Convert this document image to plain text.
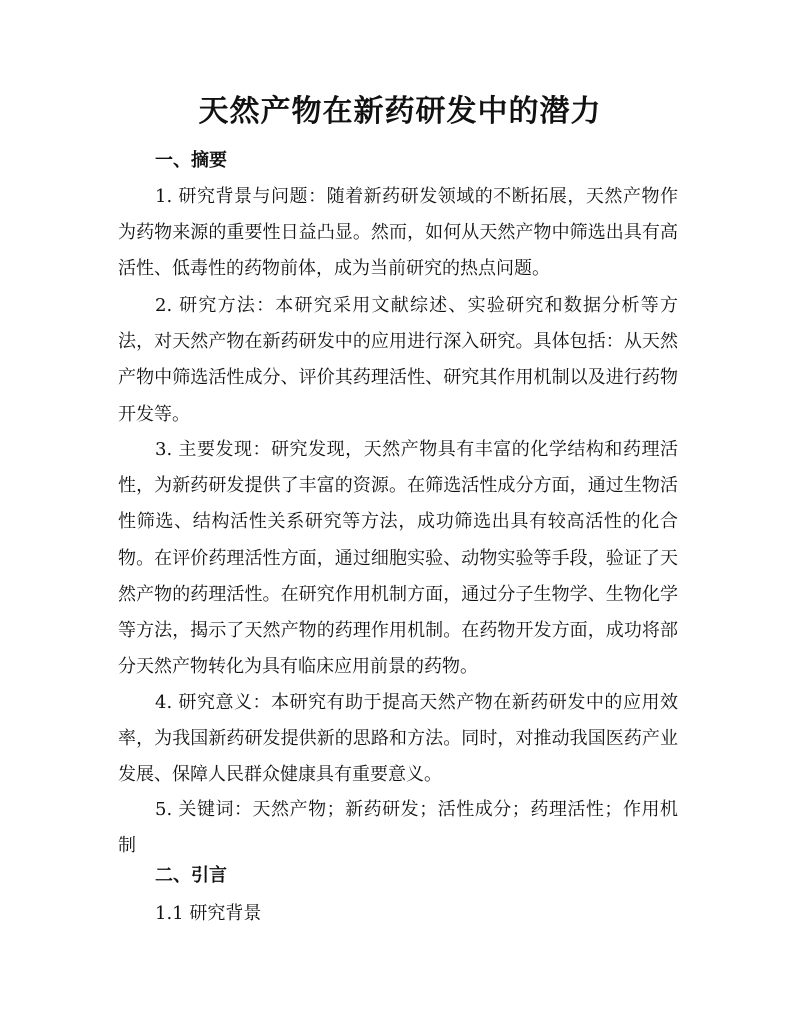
天然产物在新药研发中的潜力
一、摘要

1. 研究背景与问题：随着新药研发领域的不断拓展，天然产物作为药物来源的重要性日益凸显。然而，如何从天然产物中筛选出具有高活性、低毒性的药物前体，成为当前研究的热点问题。

2. 研究方法：本研究采用文献综述、实验研究和数据分析等方法，对天然产物在新药研发中的应用进行深入研究。具体包括：从天然产物中筛选活性成分、评价其药理活性、研究其作用机制以及进行药物开发等。

3. 主要发现：研究发现，天然产物具有丰富的化学结构和药理活性，为新药研发提供了丰富的资源。在筛选活性成分方面，通过生物活性筛选、结构活性关系研究等方法，成功筛选出具有较高活性的化合物。在评价药理活性方面，通过细胞实验、动物实验等手段，验证了天然产物的药理活性。在研究作用机制方面，通过分子生物学、生物化学等方法，揭示了天然产物的药理作用机制。在药物开发方面，成功将部分天然产物转化为具有临床应用前景的药物。

4. 研究意义：本研究有助于提高天然产物在新药研发中的应用效率，为我国新药研发提供新的思路和方法。同时，对推动我国医药产业发展、保障人民群众健康具有重要意义。

5. 关键词：天然产物；新药研发；活性成分；药理活性；作用机制

二、引言
1.1 研究背景
